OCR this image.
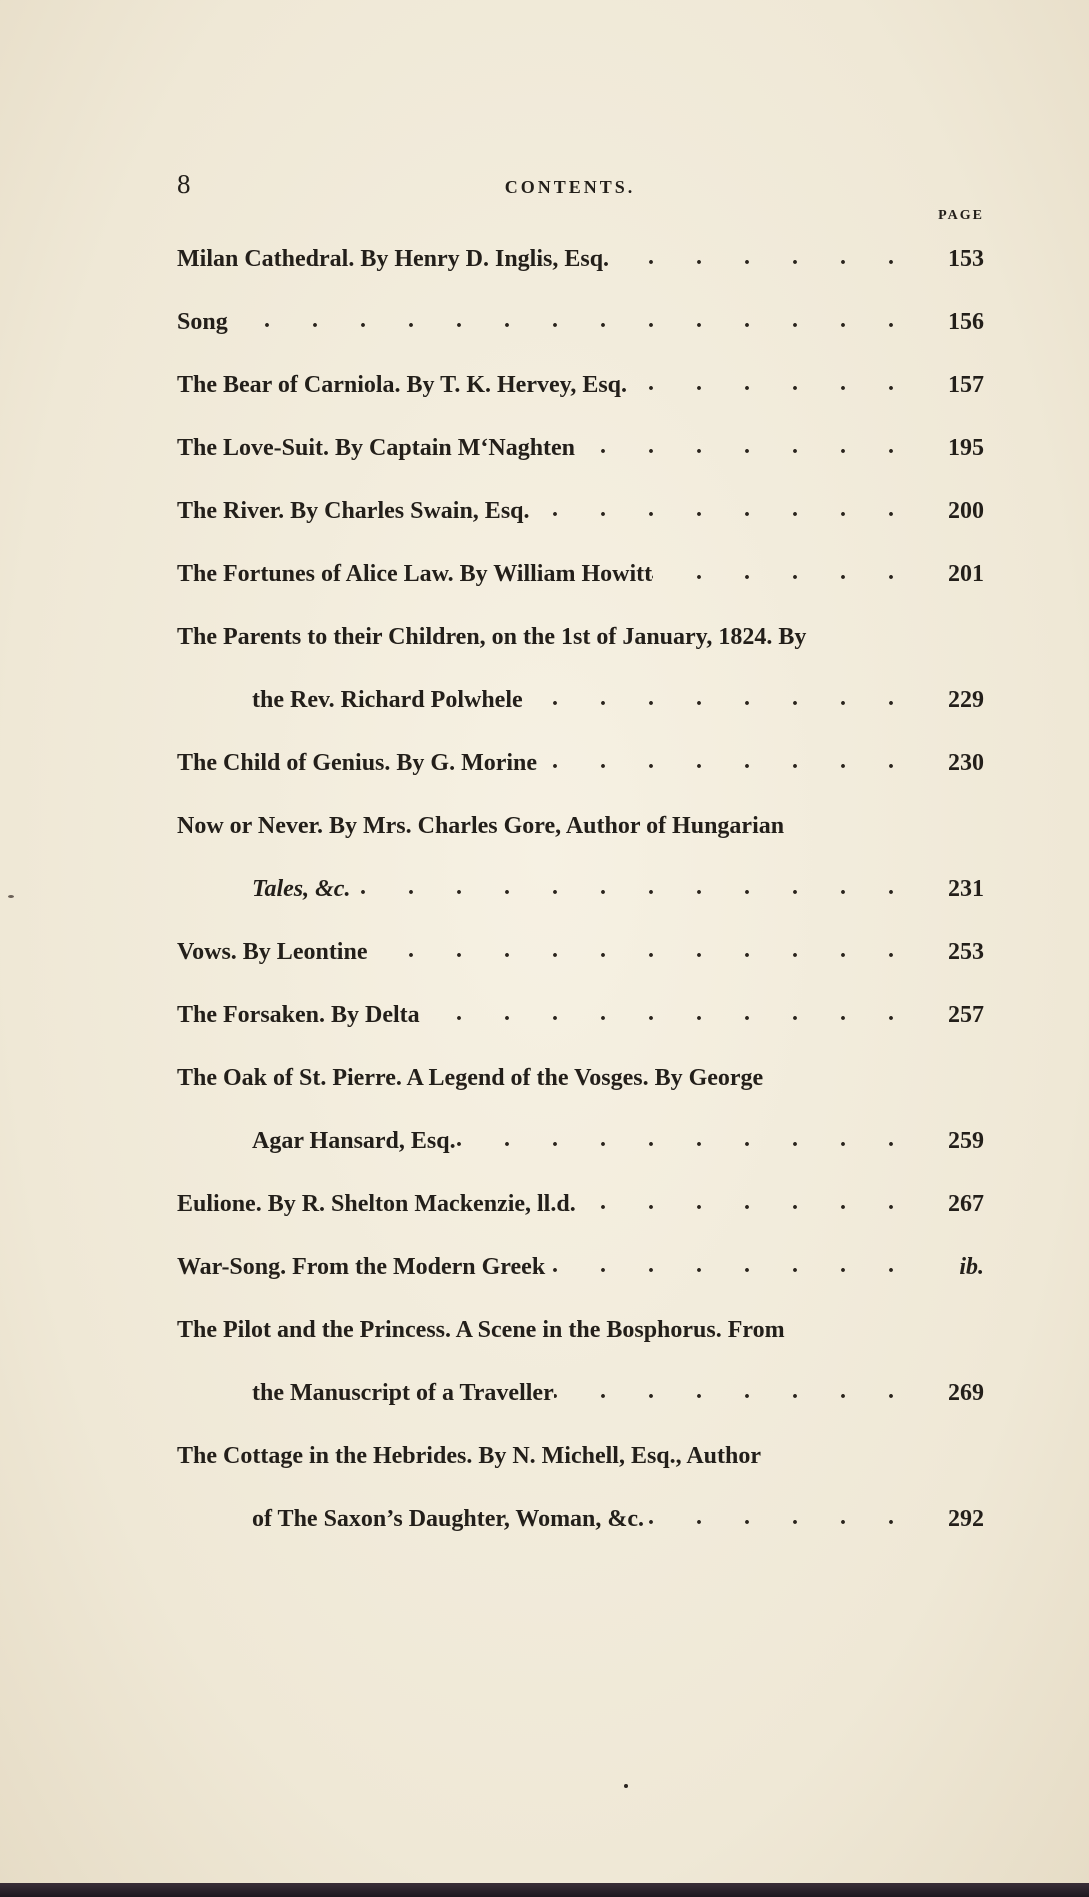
8	CONTENTS.
PAGE
Milan Cathedral. By Henry D. Inglis, Esq. . . .	153
Song . . .	156
The Bear of Carniola. By T. K. Hervey, Esq. . . .	157
The Love-Suit. By Captain M‘Naghten . . .	195
The River. By Charles Swain, Esq. . . .	200
The Fortunes of Alice Law. By William Howitt . . .	201
The Parents to their Children, on the 1st of January, 1824. By
the Rev. Richard Polwhele . . .	229
The Child of Genius. By G. Morine . . .	230
Now or Never. By Mrs. Charles Gore, Author of Hungarian
Tales, &c. . . .	231
Vows. By Leontine . . .	253
The Forsaken. By Delta . . .	257
The Oak of St. Pierre. A Legend of the Vosges. By George
Agar Hansard, Esq. . . .	259
Eulione. By R. Shelton Mackenzie, ll.d. . . .	267
War-Song. From the Modern Greek . . .	ib.
The Pilot and the Princess. A Scene in the Bosphorus. From
the Manuscript of a Traveller . . .	269
The Cottage in the Hebrides. By N. Michell, Esq., Author
of The Saxon’s Daughter, Woman, &c. . . .	292
